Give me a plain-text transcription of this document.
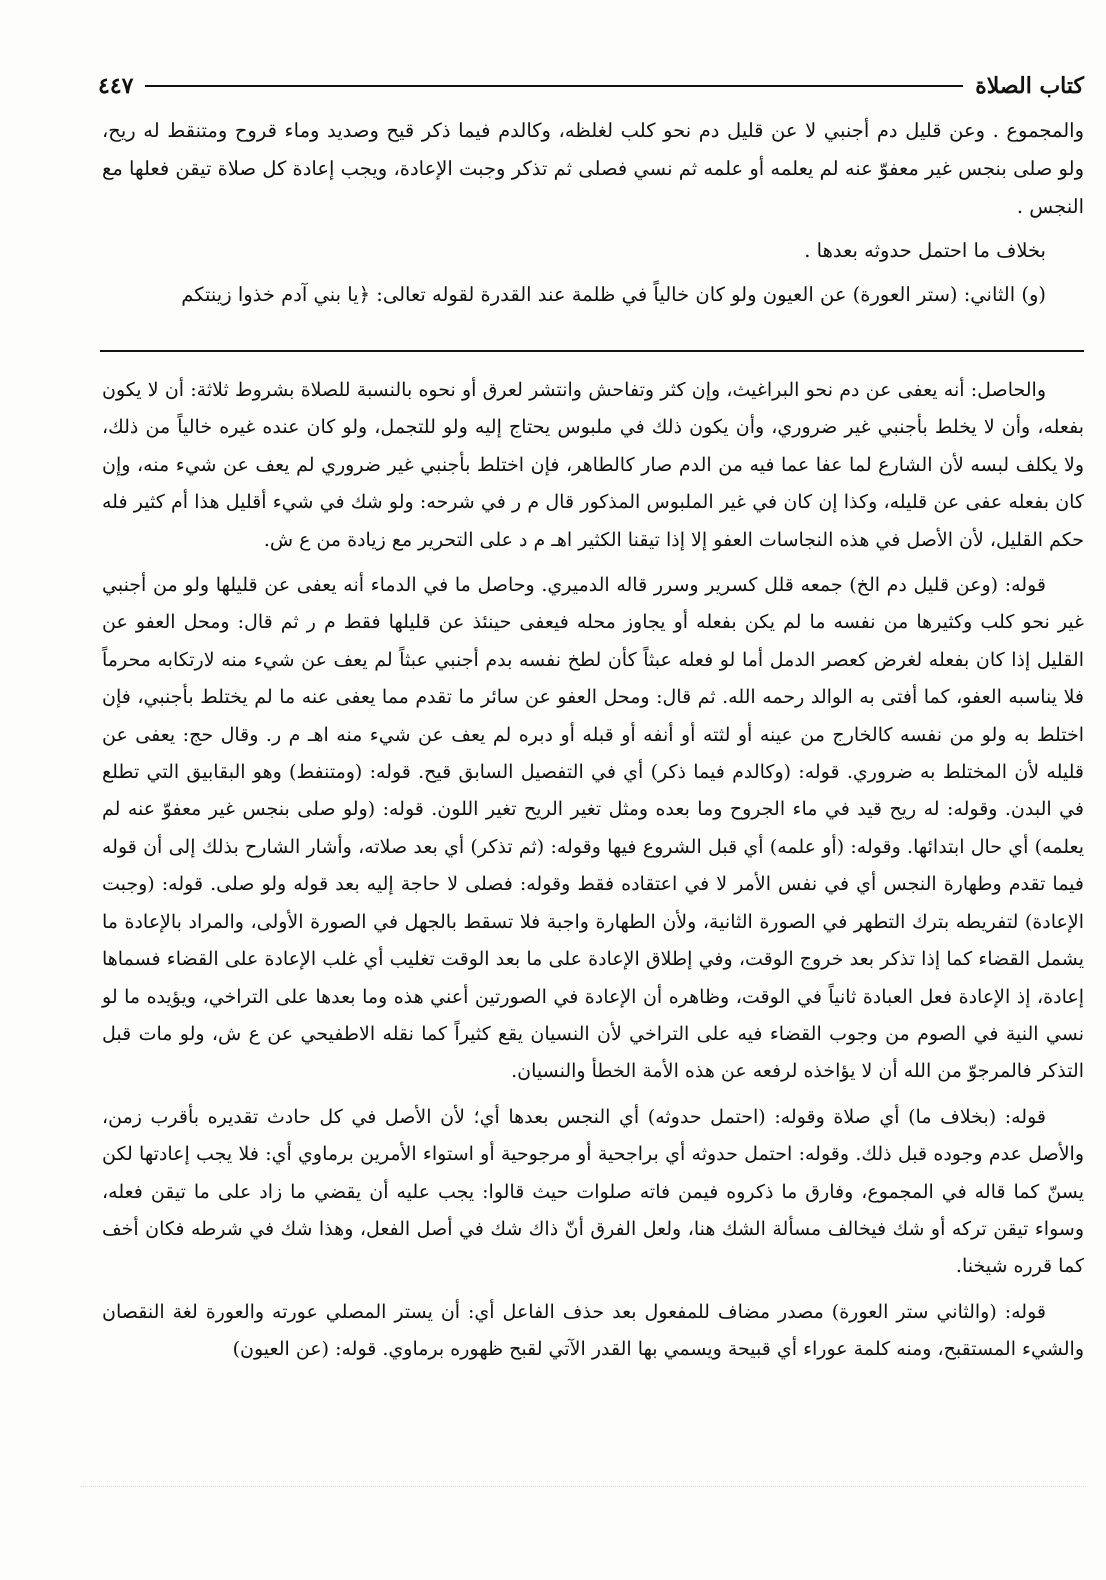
كتاب الصلاة
٤٤٧

والمجموع . وعن قليل دم أجنبي لا عن قليل دم نحو كلب لغلظه، وكالدم فيما ذكر قيح وصديد وماء قروح ومتنقط له ريح، ولو صلى بنجس غير معفوّ عنه لم يعلمه أو علمه ثم نسي فصلى ثم تذكر وجبت الإعادة، ويجب إعادة كل صلاة تيقن فعلها مع النجس .

بخلاف ما احتمل حدوثه بعدها .

(و) الثاني: (ستر العورة) عن العيون ولو كان خالياً في ظلمة عند القدرة لقوله تعالى: ﴿يا بني آدم خذوا زينتكم

والحاصل: أنه يعفى عن دم نحو البراغيث، وإن كثر وتفاحش وانتشر لعرق أو نحوه بالنسبة للصلاة بشروط ثلاثة: أن لا يكون بفعله، وأن لا يخلط بأجنبي غير ضروري، وأن يكون ذلك في ملبوس يحتاج إليه ولو للتجمل، ولو كان عنده غيره خالياً من ذلك، ولا يكلف لبسه لأن الشارع لما عفا عما فيه من الدم صار كالطاهر، فإن اختلط بأجنبي غير ضروري لم يعف عن شيء منه، وإن كان بفعله عفى عن قليله، وكذا إن كان في غير الملبوس المذكور قال م ر في شرحه: ولو شك في شيء أقليل هذا أم كثير فله حكم القليل، لأن الأصل في هذه النجاسات العفو إلا إذا تيقنا الكثير اهـ م د على التحرير مع زيادة من ع ش.

قوله: (وعن قليل دم الخ) جمعه قلل كسرير وسرر قاله الدميري. وحاصل ما في الدماء أنه يعفى عن قليلها ولو من أجنبي غير نحو كلب وكثيرها من نفسه ما لم يكن بفعله أو يجاوز محله فيعفى حينئذ عن قليلها فقط م ر ثم قال: ومحل العفو عن القليل إذا كان بفعله لغرض كعصر الدمل أما لو فعله عبثاً كأن لطخ نفسه بدم أجنبي عبثاً لم يعف عن شيء منه لارتكابه محرماً فلا يناسبه العفو، كما أفتى به الوالد رحمه الله. ثم قال: ومحل العفو عن سائر ما تقدم مما يعفى عنه ما لم يختلط بأجنبي، فإن اختلط به ولو من نفسه كالخارج من عينه أو لثته أو أنفه أو قبله أو دبره لم يعف عن شيء منه اهـ م ر. وقال حج: يعفى عن قليله لأن المختلط به ضروري. قوله: (وكالدم فيما ذكر) أي في التفصيل السابق قيح. قوله: (ومتنفط) وهو البقابيق التي تطلع في البدن. وقوله: له ريح قيد في ماء الجروح وما بعده ومثل تغير الريح تغير اللون. قوله: (ولو صلى بنجس غير معفوّ عنه لم يعلمه) أي حال ابتدائها. وقوله: (أو علمه) أي قبل الشروع فيها وقوله: (ثم تذكر) أي بعد صلاته، وأشار الشارح بذلك إلى أن قوله فيما تقدم وطهارة النجس أي في نفس الأمر لا في اعتقاده فقط وقوله: فصلى لا حاجة إليه بعد قوله ولو صلى. قوله: (وجبت الإعادة) لتفريطه بترك التطهر في الصورة الثانية، ولأن الطهارة واجبة فلا تسقط بالجهل في الصورة الأولى، والمراد بالإعادة ما يشمل القضاء كما إذا تذكر بعد خروج الوقت، وفي إطلاق الإعادة على ما بعد الوقت تغليب أي غلب الإعادة على القضاء فسماها إعادة، إذ الإعادة فعل العبادة ثانياً في الوقت، وظاهره أن الإعادة في الصورتين أعني هذه وما بعدها على التراخي، ويؤيده ما لو نسي النية في الصوم من وجوب القضاء فيه على التراخي لأن النسيان يقع كثيراً كما نقله الاطفيحي عن ع ش، ولو مات قبل التذكر فالمرجوّ من الله أن لا يؤاخذه لرفعه عن هذه الأمة الخطأ والنسيان.

قوله: (بخلاف ما) أي صلاة وقوله: (احتمل حدوثه) أي النجس بعدها أي؛ لأن الأصل في كل حادث تقديره بأقرب زمن، والأصل عدم وجوده قبل ذلك. وقوله: احتمل حدوثه أي براجحية أو مرجوحية أو استواء الأمرين برماوي أي: فلا يجب إعادتها لكن يسنّ كما قاله في المجموع، وفارق ما ذكروه فيمن فاته صلوات حيث قالوا: يجب عليه أن يقضي ما زاد على ما تيقن فعله، وسواء تيقن تركه أو شك فيخالف مسألة الشك هنا، ولعل الفرق أنّ ذاك شك في أصل الفعل، وهذا شك في شرطه فكان أخف كما قرره شيخنا.

قوله: (والثاني ستر العورة) مصدر مضاف للمفعول بعد حذف الفاعل أي: أن يستر المصلي عورته والعورة لغة النقصان والشيء المستقبح، ومنه كلمة عوراء أي قبيحة ويسمي بها القدر الآتي لقبح ظهوره برماوي. قوله: (عن العيون)
